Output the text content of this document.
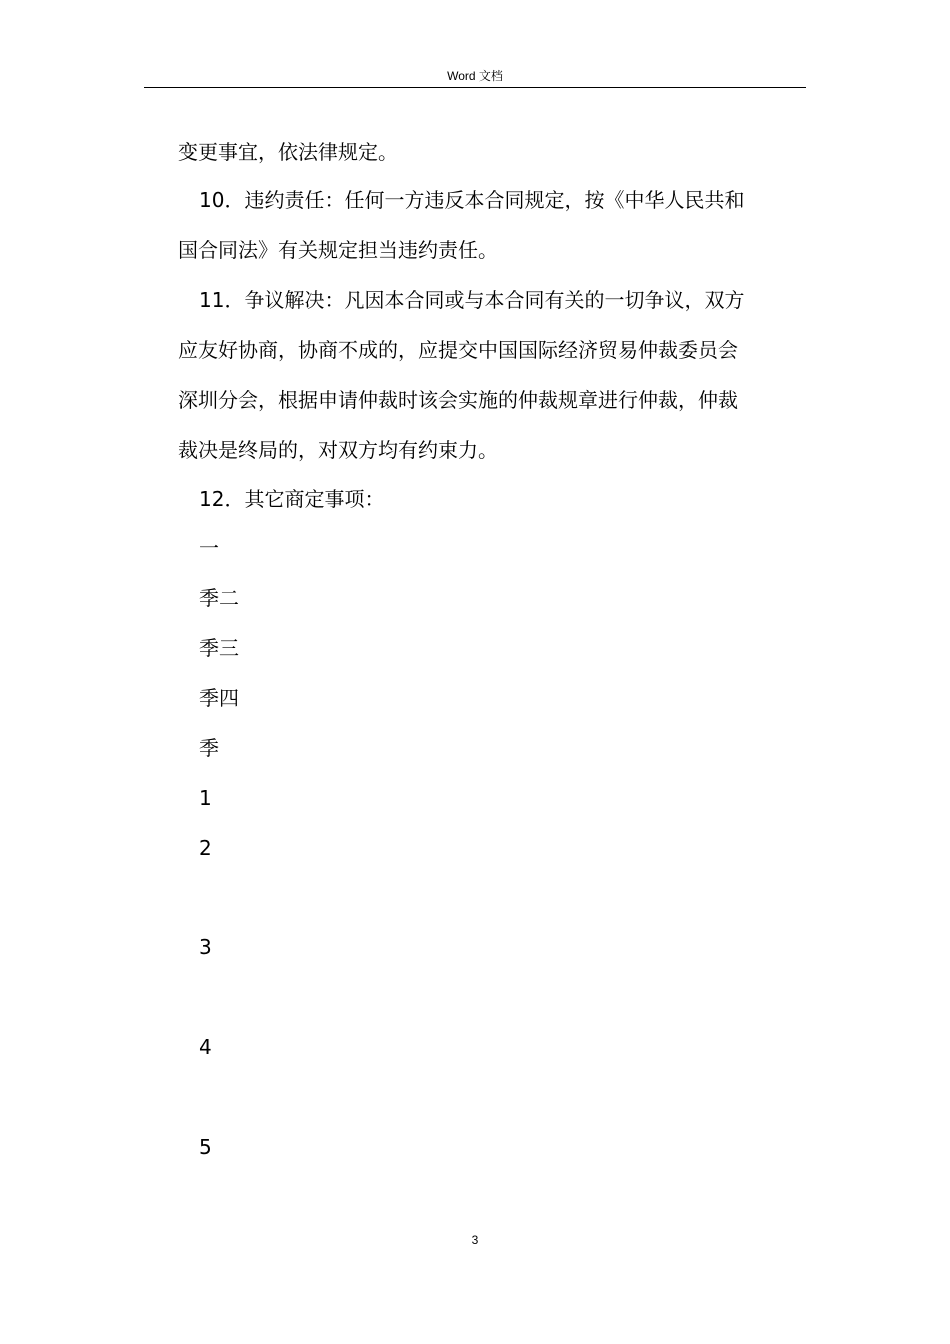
Word 文档
变更事宜，依法律规定。
10．违约责任：任何一方违反本合同规定，按《中华人民共和
国合同法》有关规定担当违约责任。
11．争议解决：凡因本合同或与本合同有关的一切争议，双方
应友好协商，协商不成的，应提交中国国际经济贸易仲裁委员会
深圳分会，根据申请仲裁时该会实施的仲裁规章进行仲裁，仲裁
裁决是终局的，对双方均有约束力。
12．其它商定事项：
一
季二
季三
季四
季
1
2
3
4
5
3
